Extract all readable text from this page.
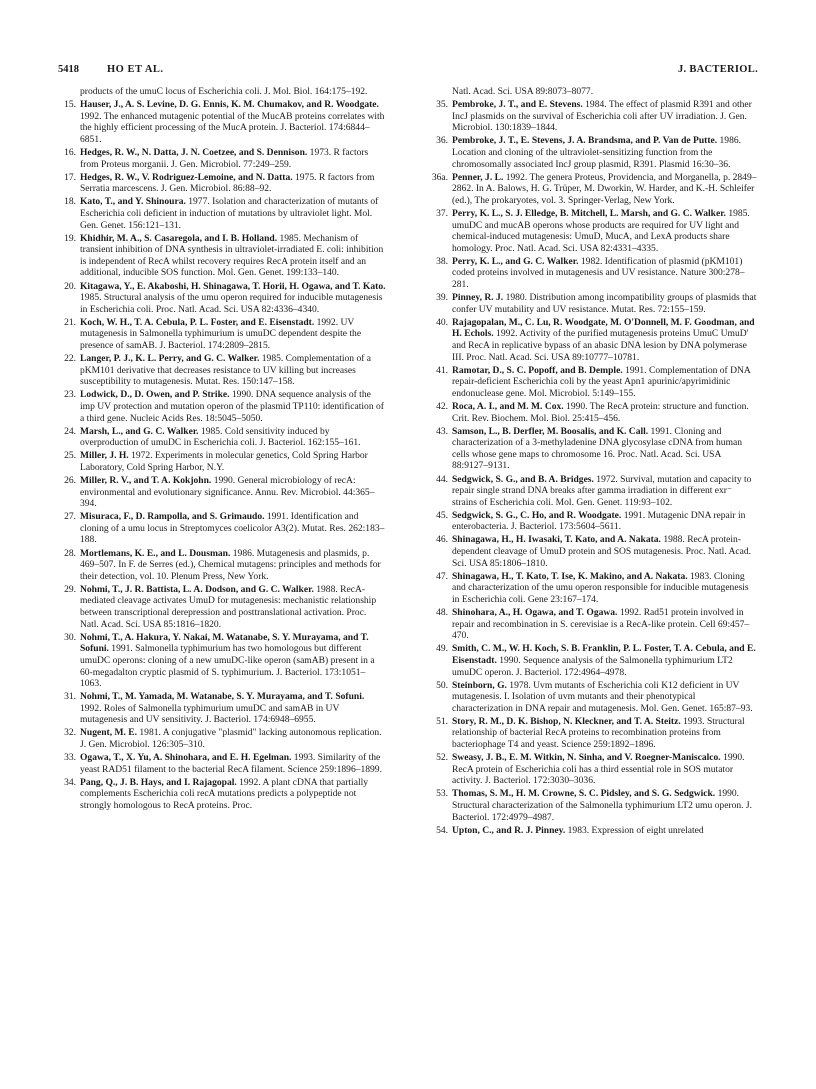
5418	HO ET AL.	J. BACTERIOL.
products of the umuC locus of Escherichia coli. J. Mol. Biol. 164:175–192.
15. Hauser, J., A. S. Levine, D. G. Ennis, K. M. Chumakov, and R. Woodgate. 1992. The enhanced mutagenic potential of the MucAB proteins correlates with the highly efficient processing of the MucA protein. J. Bacteriol. 174:6844–6851.
16. Hedges, R. W., N. Datta, J. N. Coetzee, and S. Dennison. 1973. R factors from Proteus morganii. J. Gen. Microbiol. 77:249–259.
17. Hedges, R. W., V. Rodriguez-Lemoine, and N. Datta. 1975. R factors from Serratia marcescens. J. Gen. Microbiol. 86:88–92.
18. Kato, T., and Y. Shinoura. 1977. Isolation and characterization of mutants of Escherichia coli deficient in induction of mutations by ultraviolet light. Mol. Gen. Genet. 156:121–131.
19. Khidhir, M. A., S. Casaregola, and I. B. Holland. 1985. Mechanism of transient inhibition of DNA synthesis in ultraviolet-irradiated E. coli: inhibition is independent of RecA whilst recovery requires RecA protein itself and an additional, inducible SOS function. Mol. Gen. Genet. 199:133–140.
20. Kitagawa, Y., E. Akaboshi, H. Shinagawa, T. Horii, H. Ogawa, and T. Kato. 1985. Structural analysis of the umu operon required for inducible mutagenesis in Escherichia coli. Proc. Natl. Acad. Sci. USA 82:4336–4340.
21. Koch, W. H., T. A. Cebula, P. L. Foster, and E. Eisenstadt. 1992. UV mutagenesis in Salmonella typhimurium is umuDC dependent despite the presence of samAB. J. Bacteriol. 174:2809–2815.
22. Langer, P. J., K. L. Perry, and G. C. Walker. 1985. Complementation of a pKM101 derivative that decreases resistance to UV killing but increases susceptibility to mutagenesis. Mutat. Res. 150:147–158.
23. Lodwick, D., D. Owen, and P. Strike. 1990. DNA sequence analysis of the imp UV protection and mutation operon of the plasmid TP110: identification of a third gene. Nucleic Acids Res. 18:5045–5050.
24. Marsh, L., and G. C. Walker. 1985. Cold sensitivity induced by overproduction of umuDC in Escherichia coli. J. Bacteriol. 162:155–161.
25. Miller, J. H. 1972. Experiments in molecular genetics, Cold Spring Harbor Laboratory, Cold Spring Harbor, N.Y.
26. Miller, R. V., and T. A. Kokjohn. 1990. General microbiology of recA: environmental and evolutionary significance. Annu. Rev. Microbiol. 44:365–394.
27. Misuraca, F., D. Rampolla, and S. Grimaudo. 1991. Identification and cloning of a umu locus in Streptomyces coelicolor A3(2). Mutat. Res. 262:183–188.
28. Mortlemans, K. E., and L. Dousman. 1986. Mutagenesis and plasmids, p. 469–507. In F. de Serres (ed.), Chemical mutagens: principles and methods for their detection, vol. 10. Plenum Press, New York.
29. Nohmi, T., J. R. Battista, L. A. Dodson, and G. C. Walker. 1988. RecA-mediated cleavage activates UmuD for mutagenesis: mechanistic relationship between transcriptional derepression and posttranslational activation. Proc. Natl. Acad. Sci. USA 85:1816–1820.
30. Nohmi, T., A. Hakura, Y. Nakai, M. Watanabe, S. Y. Murayama, and T. Sofuni. 1991. Salmonella typhimurium has two homologous but different umuDC operons: cloning of a new umuDC-like operon (samAB) present in a 60-megadalton cryptic plasmid of S. typhimurium. J. Bacteriol. 173:1051–1063.
31. Nohmi, T., M. Yamada, M. Watanabe, S. Y. Murayama, and T. Sofuni. 1992. Roles of Salmonella typhimurium umuDC and samAB in UV mutagenesis and UV sensitivity. J. Bacteriol. 174:6948–6955.
32. Nugent, M. E. 1981. A conjugative "plasmid" lacking autonomous replication. J. Gen. Microbiol. 126:305–310.
33. Ogawa, T., X. Yu, A. Shinohara, and E. H. Egelman. 1993. Similarity of the yeast RAD51 filament to the bacterial RecA filament. Science 259:1896–1899.
34. Pang, Q., J. B. Hays, and I. Rajagopal. 1992. A plant cDNA that partially complements Escherichia coli recA mutations predicts a polypeptide not strongly homologous to RecA proteins. Proc.
Natl. Acad. Sci. USA 89:8073–8077.
35. Pembroke, J. T., and E. Stevens. 1984. The effect of plasmid R391 and other IncJ plasmids on the survival of Escherichia coli after UV irradiation. J. Gen. Microbiol. 130:1839–1844.
36. Pembroke, J. T., E. Stevens, J. A. Brandsma, and P. Van de Putte. 1986. Location and cloning of the ultraviolet-sensitizing function from the chromosomally associated IncJ group plasmid, R391. Plasmid 16:30–36.
36a. Penner, J. L. 1992. The genera Proteus, Providencia, and Morganella, p. 2849–2862. In A. Balows, H. G. Trüper, M. Dworkin, W. Harder, and K.-H. Schleifer (ed.), The prokaryotes, vol. 3. Springer-Verlag, New York.
37. Perry, K. L., S. J. Elledge, B. Mitchell, L. Marsh, and G. C. Walker. 1985. umuDC and mucAB operons whose products are required for UV light and chemical-induced mutagenesis: UmuD, MucA, and LexA products share homology. Proc. Natl. Acad. Sci. USA 82:4331–4335.
38. Perry, K. L., and G. C. Walker. 1982. Identification of plasmid (pKM101) coded proteins involved in mutagenesis and UV resistance. Nature 300:278–281.
39. Pinney, R. J. 1980. Distribution among incompatibility groups of plasmids that confer UV mutability and UV resistance. Mutat. Res. 72:155–159.
40. Rajagopalan, M., C. Lu, R. Woodgate, M. O'Donnell, M. F. Goodman, and H. Echols. 1992. Activity of the purified mutagenesis proteins UmuC UmuD' and RecA in replicative bypass of an abasic DNA lesion by DNA polymerase III. Proc. Natl. Acad. Sci. USA 89:10777–10781.
41. Ramotar, D., S. C. Popoff, and B. Demple. 1991. Complementation of DNA repair-deficient Escherichia coli by the yeast Apn1 apurinic/apyrimidinic endonuclease gene. Mol. Microbiol. 5:149–155.
42. Roca, A. I., and M. M. Cox. 1990. The RecA protein: structure and function. Crit. Rev. Biochem. Mol. Biol. 25:415–456.
43. Samson, L., B. Derfler, M. Boosalis, and K. Call. 1991. Cloning and characterization of a 3-methyladenine DNA glycosylase cDNA from human cells whose gene maps to chromosome 16. Proc. Natl. Acad. Sci. USA 88:9127–9131.
44. Sedgwick, S. G., and B. A. Bridges. 1972. Survival, mutation and capacity to repair single strand DNA breaks after gamma irradiation in different exr⁻ strains of Escherichia coli. Mol. Gen. Genet. 119:93–102.
45. Sedgwick, S. G., C. Ho, and R. Woodgate. 1991. Mutagenic DNA repair in enterobacteria. J. Bacteriol. 173:5604–5611.
46. Shinagawa, H., H. Iwasaki, T. Kato, and A. Nakata. 1988. RecA protein-dependent cleavage of UmuD protein and SOS mutagenesis. Proc. Natl. Acad. Sci. USA 85:1806–1810.
47. Shinagawa, H., T. Kato, T. Ise, K. Makino, and A. Nakata. 1983. Cloning and characterization of the umu operon responsible for inducible mutagenesis in Escherichia coli. Gene 23:167–174.
48. Shinohara, A., H. Ogawa, and T. Ogawa. 1992. Rad51 protein involved in repair and recombination in S. cerevisiae is a RecA-like protein. Cell 69:457–470.
49. Smith, C. M., W. H. Koch, S. B. Franklin, P. L. Foster, T. A. Cebula, and E. Eisenstadt. 1990. Sequence analysis of the Salmonella typhimurium LT2 umuDC operon. J. Bacteriol. 172:4964–4978.
50. Steinborn, G. 1978. Uvm mutants of Escherichia coli K12 deficient in UV mutagenesis. I. Isolation of uvm mutants and their phenotypical characterization in DNA repair and mutagenesis. Mol. Gen. Genet. 165:87–93.
51. Story, R. M., D. K. Bishop, N. Kleckner, and T. A. Steitz. 1993. Structural relationship of bacterial RecA proteins to recombination proteins from bacteriophage T4 and yeast. Science 259:1892–1896.
52. Sweasy, J. B., E. M. Witkin, N. Sinha, and V. Roegner-Maniscalco. 1990. RecA protein of Escherichia coli has a third essential role in SOS mutator activity. J. Bacteriol. 172:3030–3036.
53. Thomas, S. M., H. M. Crowne, S. C. Pidsley, and S. G. Sedgwick. 1990. Structural characterization of the Salmonella typhimurium LT2 umu operon. J. Bacteriol. 172:4979–4987.
54. Upton, C., and R. J. Pinney. 1983. Expression of eight unrelated
